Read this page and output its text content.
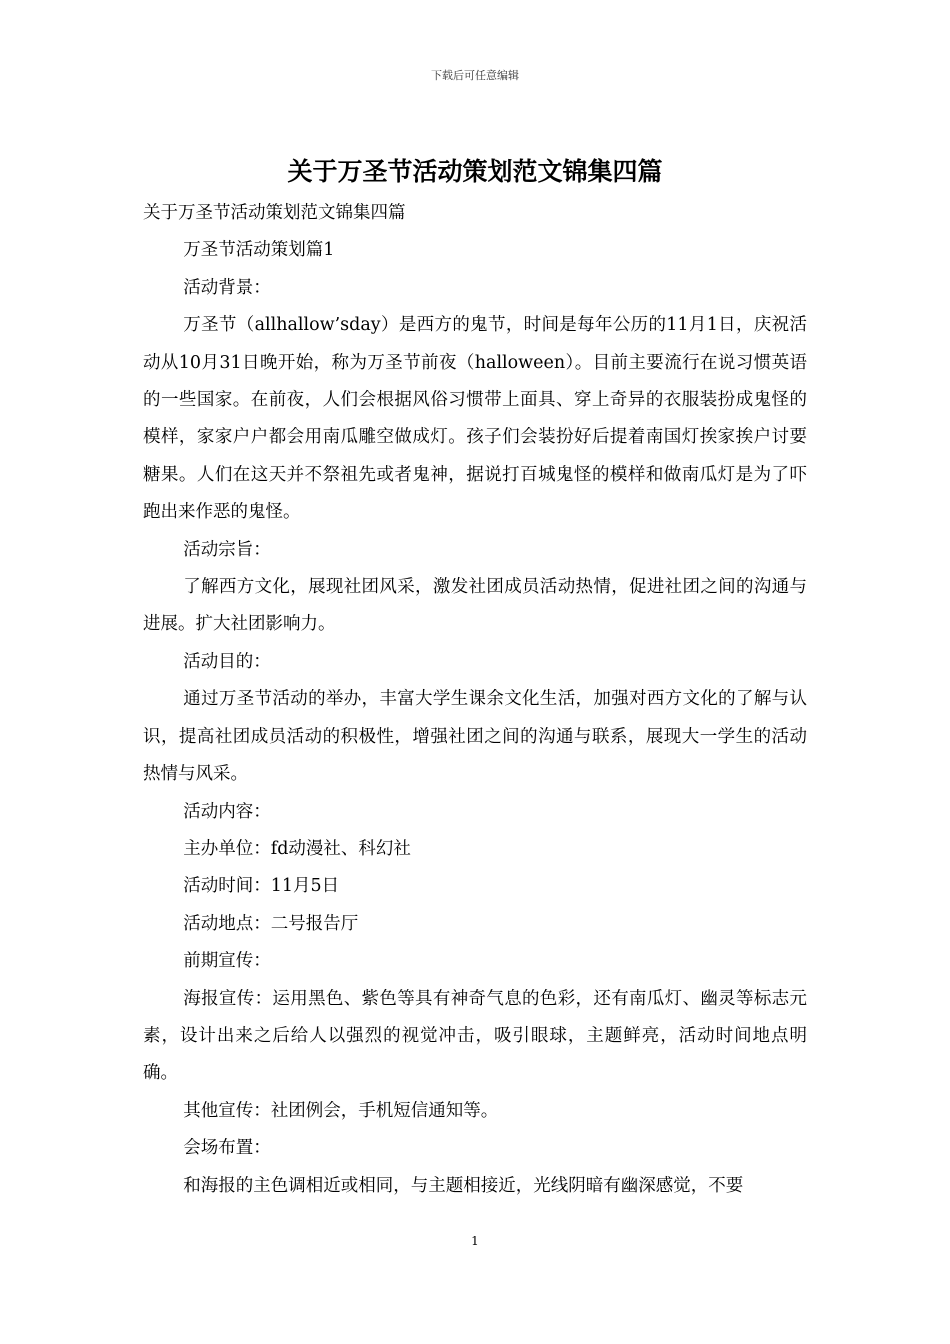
下载后可任意编辑
关于万圣节活动策划范文锦集四篇

关于万圣节活动策划范文锦集四篇

万圣节活动策划篇1

活动背景：

万圣节（allhallow’sday）是西方的鬼节，时间是每年公历的11月1日，庆祝活动从10月31日晚开始，称为万圣节前夜（halloween）。目前主要流行在说习惯英语的一些国家。在前夜，人们会根据风俗习惯带上面具、穿上奇异的衣服装扮成鬼怪的模样，家家户户都会用南瓜雕空做成灯。孩子们会装扮好后提着南国灯挨家挨户讨要糖果。人们在这天并不祭祖先或者鬼神，据说打百城鬼怪的模样和做南瓜灯是为了吓跑出来作恶的鬼怪。

活动宗旨：

了解西方文化，展现社团风采，激发社团成员活动热情，促进社团之间的沟通与进展。扩大社团影响力。

活动目的：

通过万圣节活动的举办，丰富大学生课余文化生活，加强对西方文化的了解与认识，提高社团成员活动的积极性，增强社团之间的沟通与联系，展现大一学生的活动热情与风采。

活动内容：

主办单位：fd动漫社、科幻社

活动时间：11月5日

活动地点：二号报告厅

前期宣传：

海报宣传：运用黑色、紫色等具有神奇气息的色彩，还有南瓜灯、幽灵等标志元素，设计出来之后给人以强烈的视觉冲击，吸引眼球，主题鲜亮，活动时间地点明确。

其他宣传：社团例会，手机短信通知等。

会场布置：

和海报的主色调相近或相同，与主题相接近，光线阴暗有幽深感觉，不要

1
